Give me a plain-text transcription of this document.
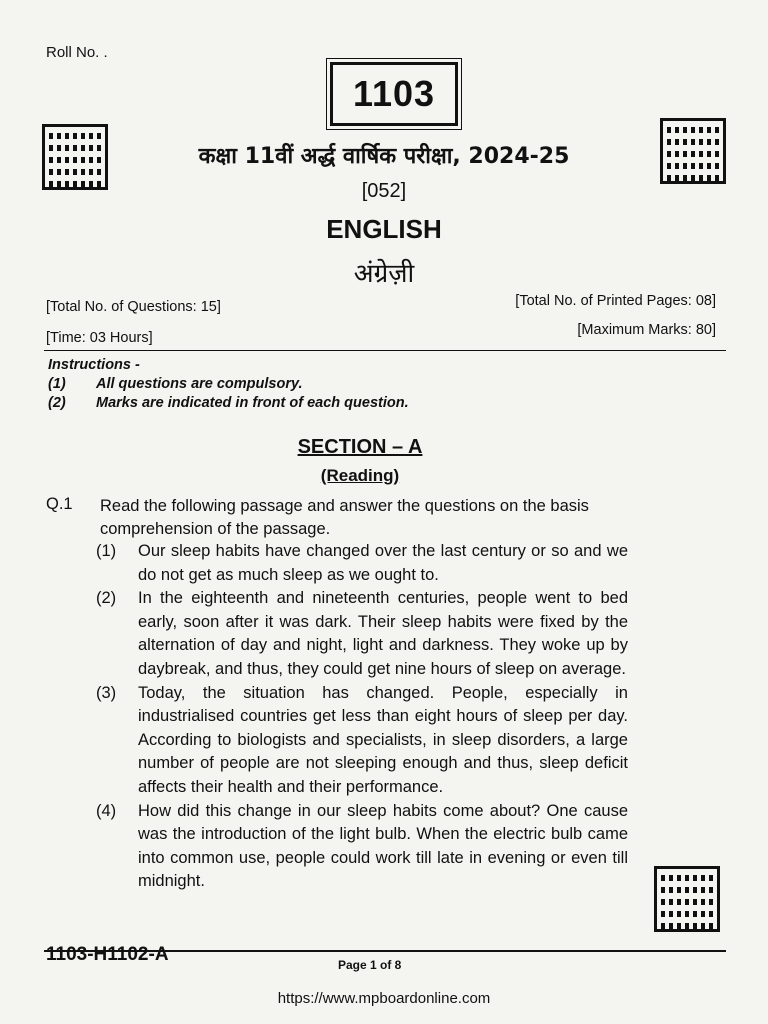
Roll No. .
1103
कक्षा 11वीं अर्द्ध वार्षिक परीक्षा, 2024-25
[052]
ENGLISH
अंग्रेज़ी
[Total No. of Questions: 15]	[Total No. of Printed Pages: 08]
[Time: 03 Hours]	[Maximum Marks: 80]
Instructions -
(1)	All questions are compulsory.
(2)	Marks are indicated in front of each question.
SECTION – A
(Reading)
Q.1 Read the following passage and answer the questions on the basis comprehension of the passage.
(1)	Our sleep habits have changed over the last century or so and we do not get as much sleep as we ought to.
(2)	In the eighteenth and nineteenth centuries, people went to bed early, soon after it was dark. Their sleep habits were fixed by the alternation of day and night, light and darkness. They woke up by daybreak, and thus, they could get nine hours of sleep on average.
(3)	Today, the situation has changed. People, especially in industrialised countries get less than eight hours of sleep per day. According to biologists and specialists, in sleep disorders, a large number of people are not sleeping enough and thus, sleep deficit affects their health and their performance.
(4)	How did this change in our sleep habits come about? One cause was the introduction of the light bulb. When the electric bulb came into common use, people could work till late in evening or even till midnight.
1103-H1102-A	Page 1 of 8
https://www.mpboardonline.com
